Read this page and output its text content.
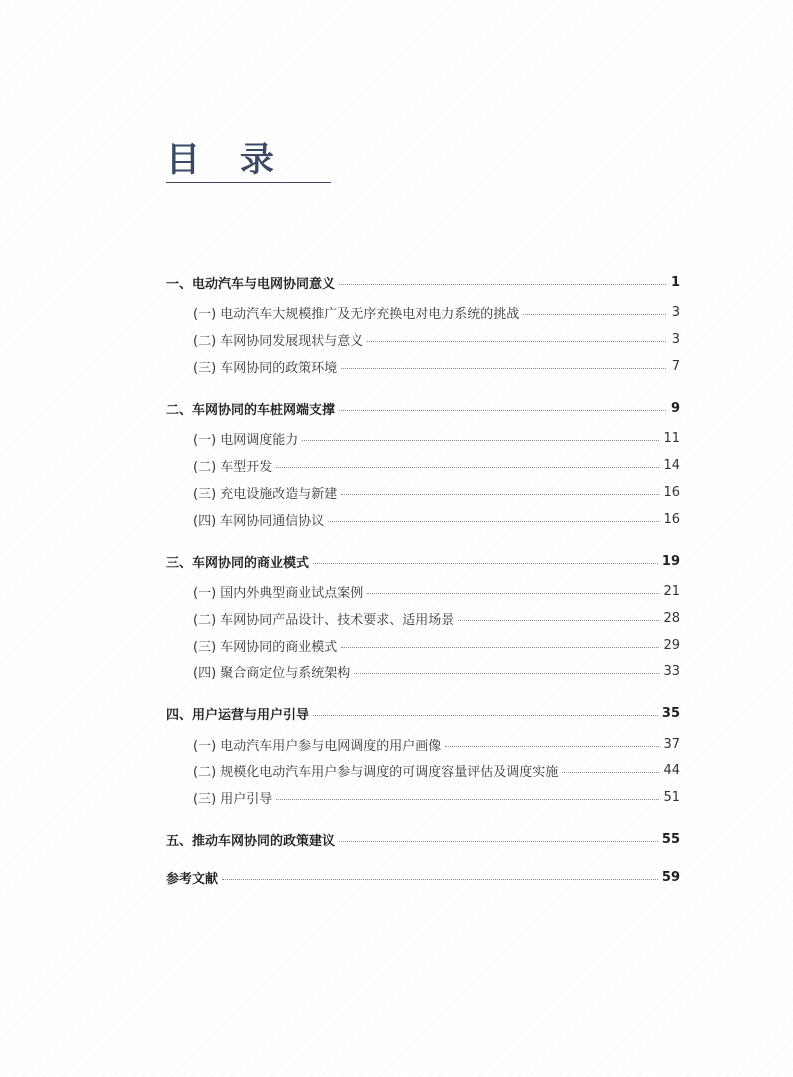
目 录
一、电动汽车与电网协同意义	1
(一) 电动汽车大规模推广及无序充换电对电力系统的挑战	3
(二) 车网协同发展现状与意义	3
(三) 车网协同的政策环境	7
二、车网协同的车桩网端支撑	9
(一) 电网调度能力	11
(二) 车型开发	14
(三) 充电设施改造与新建	16
(四) 车网协同通信协议	16
三、车网协同的商业模式	19
(一) 国内外典型商业试点案例	21
(二) 车网协同产品设计、技术要求、适用场景	28
(三) 车网协同的商业模式	29
(四) 聚合商定位与系统架构	33
四、用户运营与用户引导	35
(一) 电动汽车用户参与电网调度的用户画像	37
(二) 规模化电动汽车用户参与调度的可调度容量评估及调度实施	44
(三) 用户引导	51
五、推动车网协同的政策建议	55
参考文献	59
